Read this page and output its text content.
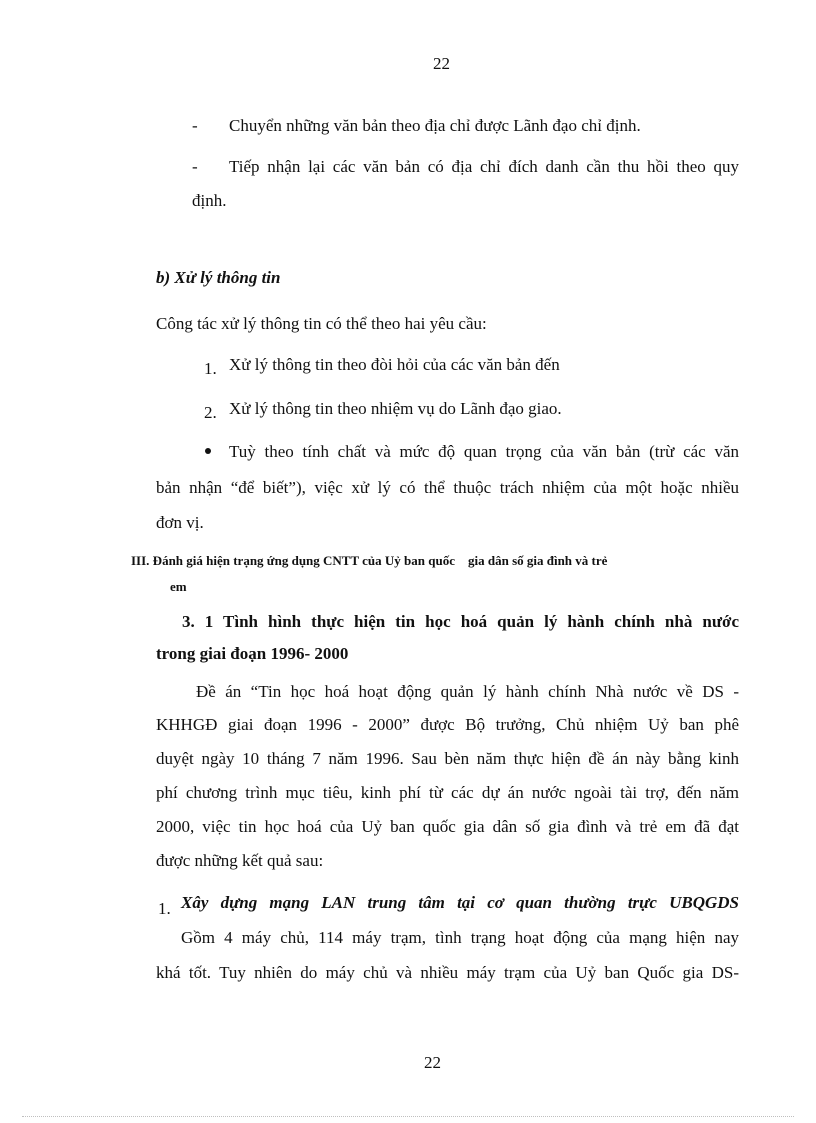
22
- Chuyển những văn bản theo địa chỉ được Lãnh đạo chỉ định.
- Tiếp nhận lại các văn bản có địa chỉ đích danh cần thu hồi theo quy
định.
b) Xử lý thông tin
Công tác xử lý thông tin có thể theo hai yêu cầu:
1. Xử lý thông tin theo đòi hỏi của các văn bản đến
2. Xử lý thông tin theo nhiệm vụ do Lãnh đạo giao.
Tuỳ theo tính chất và mức độ quan trọng của văn bản (trừ các văn
bản nhận “để biết”), việc xử lý có thể thuộc trách nhiệm của một hoặc nhiều
đơn vị.
III. Đánh giá hiện trạng ứng dụng CNTT của Uỷ ban quốc    gia dân số gia đình và trẻ
em
3. 1 Tình hình thực hiện tin học hoá quản lý hành chính nhà nước
trong giai đoạn 1996- 2000
Đề án “Tin học hoá hoạt động quản lý hành chính Nhà nước về DS -
KHHGĐ giai đoạn 1996 - 2000” được Bộ trưởng, Chủ nhiệm Uỷ ban phê
duyệt ngày 10 tháng 7 năm 1996. Sau bèn năm thực hiện đề án này bằng kinh
phí chương trình mục tiêu, kinh phí từ các dự án nước ngoài tài trợ, đến năm
2000, việc tin học hoá của Uỷ ban quốc gia dân số gia đình và trẻ em đã đạt
được những kết quả sau:
1. Xây dựng mạng LAN trung tâm tại cơ quan thường trực UBQGDS
Gồm 4 máy chủ, 114 máy trạm, tình trạng hoạt động của mạng hiện nay
khá tốt. Tuy nhiên do máy chủ và nhiều máy trạm của Uỷ ban Quốc gia DS-
22
